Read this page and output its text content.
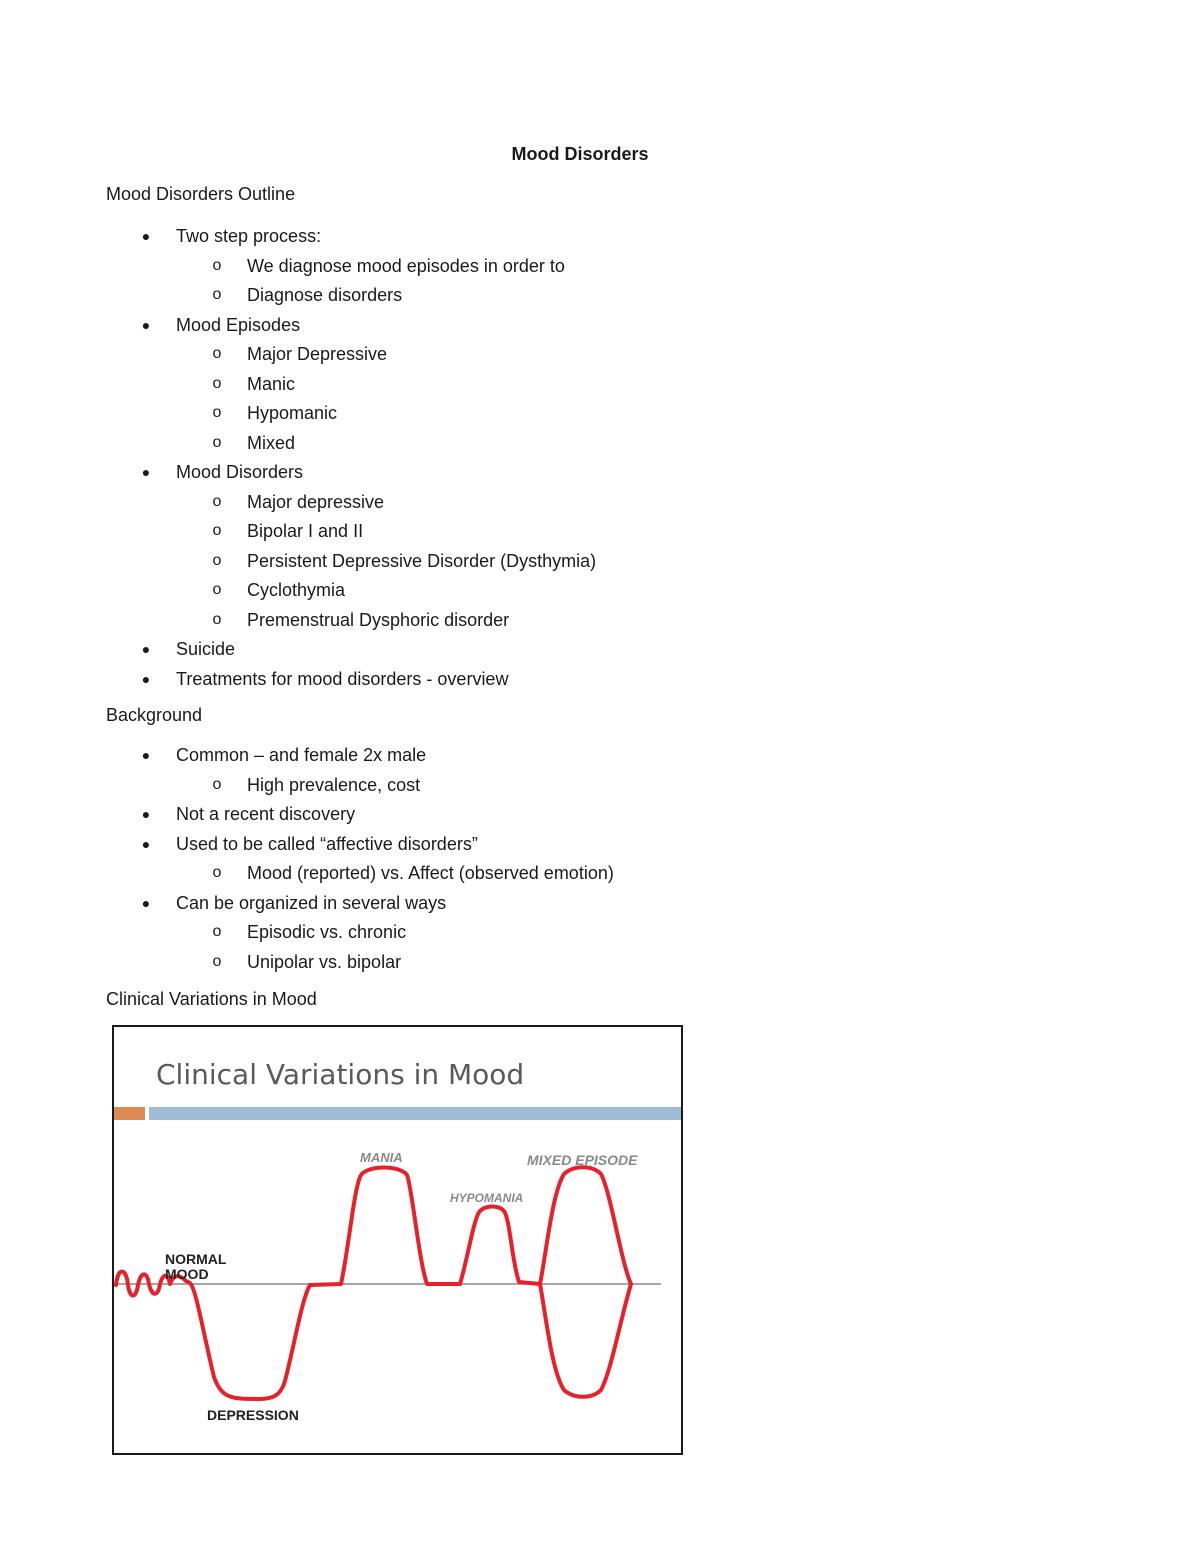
Mood Disorders
Mood Disorders Outline
● Two step process:
o We diagnose mood episodes in order to
o Diagnose disorders
● Mood Episodes
o Major Depressive
o Manic
o Hypomanic
o Mixed
● Mood Disorders
o Major depressive
o Bipolar I and II
o Persistent Depressive Disorder (Dysthymia)
o Cyclothymia
o Premenstrual Dysphoric disorder
● Suicide
● Treatments for mood disorders - overview
Background
● Common – and female 2x male
o High prevalence, cost
● Not a recent discovery
● Used to be called “affective disorders”
o Mood (reported) vs. Affect (observed emotion)
● Can be organized in several ways
o Episodic vs. chronic
o Unipolar vs. bipolar
Clinical Variations in Mood
Clinical Variations in Mood
NORMAL MOOD
DEPRESSION
MANIA
HYPOMANIA
MIXED EPISODE
